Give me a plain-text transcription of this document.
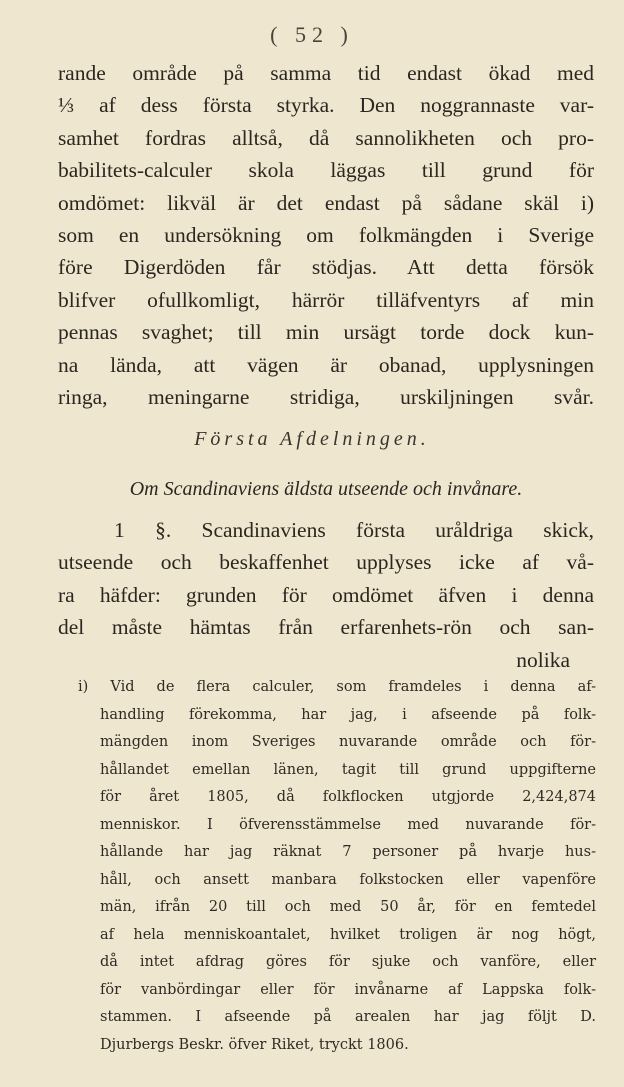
( 52 )
rande område på samma tid endast ökad med
⅓ af dess första styrka. Den noggrannaste var-
samhet fordras alltså, då sannolikheten och pro-
babilitets-calculer skola läggas till grund för
omdömet: likväl är det endast på sådane skäl i)
som en undersökning om folkmängden i Sverige
före Digerdöden får stödjas. Att detta försök
blifver ofullkomligt, härrör tilläfventyrs af min
pennas svaghet; till min ursägt torde dock kun-
na lända, att vägen är obanad, upplysningen
ringa, meningarne stridiga, urskiljningen svår.
Första Afdelningen.
Om Scandinaviens äldsta utseende och invånare.
1 §. Scandinaviens första uråldriga skick,
utseende och beskaffenhet upplyses icke af vå-
ra häfder: grunden för omdömet äfven i denna
del måste hämtas från erfarenhets-rön och san-
nolika
i) Vid de flera calculer, som framdeles i denna af-
handling förekomma, har jag, i afseende på folk-
mängden inom Sveriges nuvarande område och för-
hållandet emellan länen, tagit till grund uppgifterne
för året 1805, då folkflocken utgjorde 2,424,874
menniskor. I öfverensstämmelse med nuvarande för-
hållande har jag räknat 7 personer på hvarje hus-
håll, och ansett manbara folkstocken eller vapenföre
män, ifrån 20 till och med 50 år, för en femtedel
af hela menniskoantalet, hvilket troligen är nog högt,
då intet afdrag göres för sjuke och vanföre, eller
för vanbördingar eller för invånarne af Lappska folk-
stammen. I afseende på arealen har jag följt D.
Djurbergs Beskr. öfver Riket, tryckt 1806.
